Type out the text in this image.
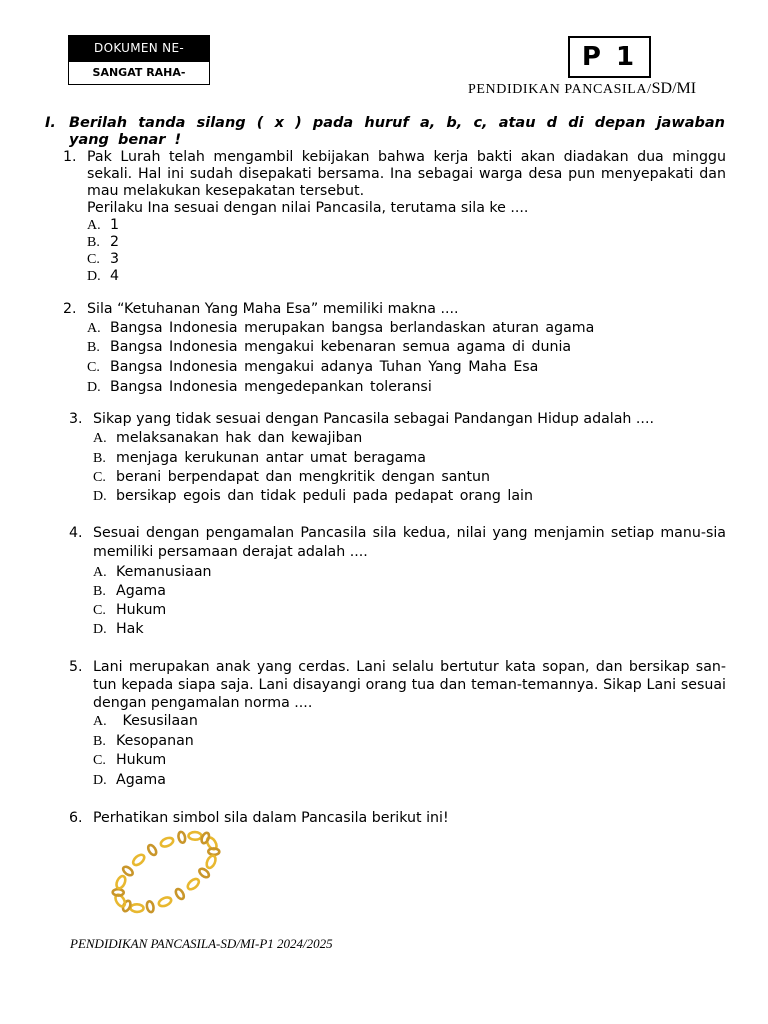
DOKUMEN NE-
SANGAT RAHA-
P 1
PENDIDIKAN PANCASILA/SD/MI
I. Berilah tanda silang ( x ) pada huruf a, b, c, atau d di depan jawaban yang benar !
1. Pak Lurah telah mengambil kebijakan bahwa kerja bakti akan diadakan dua minggu sekali. Hal ini sudah disepakati bersama. Ina sebagai warga desa pun menyepakati dan mau melakukan kesepakatan tersebut.
Perilaku Ina sesuai dengan nilai Pancasila, terutama sila ke ....
A. 1
B. 2
C. 3
D. 4
2. Sila “Ketuhanan Yang Maha Esa” memiliki makna ....
A. Bangsa Indonesia merupakan bangsa berlandaskan aturan agama
B. Bangsa Indonesia mengakui kebenaran semua agama di dunia
C. Bangsa Indonesia mengakui adanya Tuhan Yang Maha Esa
D. Bangsa Indonesia mengedepankan toleransi
3. Sikap yang tidak sesuai dengan Pancasila sebagai Pandangan Hidup adalah ....
A. melaksanakan hak dan kewajiban
B. menjaga kerukunan antar umat beragama
C. berani berpendapat dan mengkritik dengan santun
D. bersikap egois dan tidak peduli pada pedapat orang lain
4. Sesuai dengan pengamalan Pancasila sila kedua, nilai yang menjamin setiap manu-sia memiliki persamaan derajat adalah ....
A. Kemanusiaan
B. Agama
C. Hukum
D. Hak
5. Lani merupakan anak yang cerdas. Lani selalu bertutur kata sopan, dan bersikap san-tun kepada siapa saja. Lani disayangi orang tua dan teman-temannya. Sikap Lani sesuai dengan pengamalan norma ....
A. Kesusilaan
B. Kesopanan
C. Hukum
D. Agama
6. Perhatikan simbol sila dalam Pancasila berikut ini!
PENDIDIKAN PANCASILA-SD/MI-P1 2024/2025
